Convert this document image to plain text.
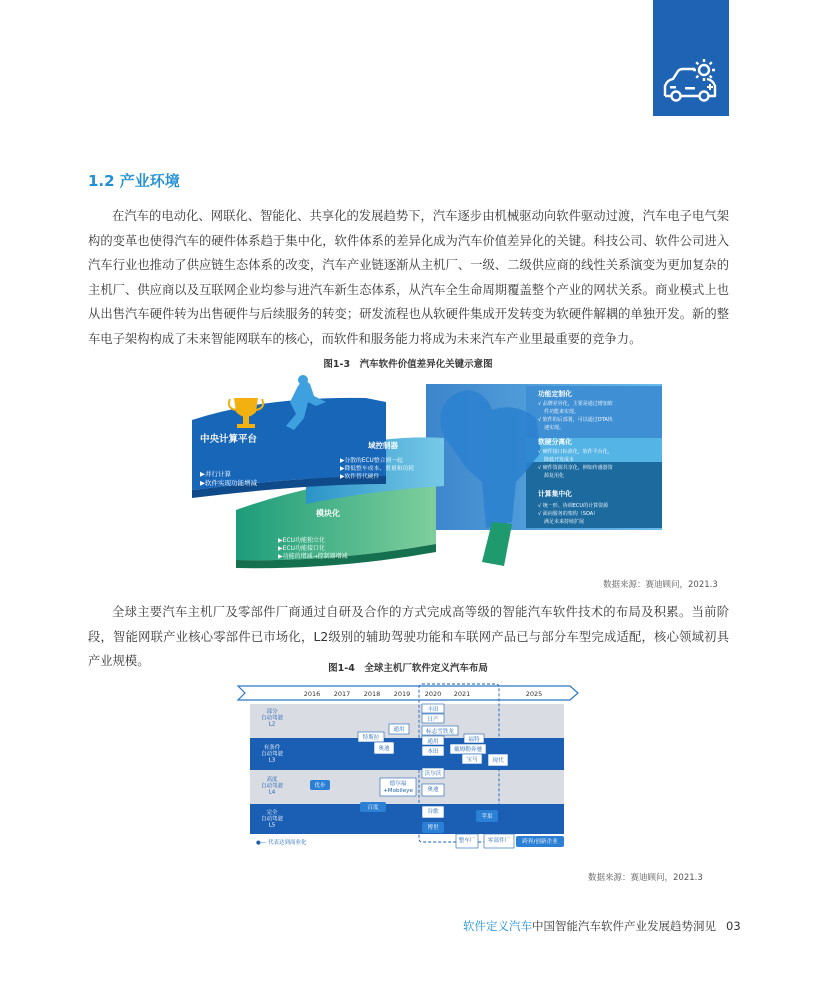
1.2 产业环境

在汽车的电动化、网联化、智能化、共享化的发展趋势下，汽车逐步由机械驱动向软件驱动过渡，汽车电子电气架构的变革也使得汽车的硬件体系趋于集中化，软件体系的差异化成为汽车价值差异化的关键。科技公司、软件公司进入汽车行业也推动了供应链生态体系的改变，汽车产业链逐渐从主机厂、一级、二级供应商的线性关系演变为更加复杂的主机厂、供应商以及互联网企业均参与进汽车新生态体系，从汽车全生命周期覆盖整个产业的网状关系。商业模式上也从出售汽车硬件转为出售硬件与后续服务的转变；研发流程也从软硬件集成开发转变为软硬件解耦的单独开发。新的整车电子架构构成了未来智能网联车的核心，而软件和服务能力将成为未来汽车产业里最重要的竞争力。

图1-3　汽车软件价值差异化关键示意图
中央计算平台
▶并行计算
▶软件实现功能增减
域控制器
▶分散的ECU整合到一起
▶降低整车成本、重量和功耗
▶软件替代硬件
模块化
▶ECU功能独立化
▶ECU功能接口化
▶功能的增减→控制器增减
功能定制化
√ 品牌差异化，主要是通过增加软
件功能来实现。
√ 软件的后部署，可以通过OTA快
速实现。
软硬分离化
√ 硬件接口标准化，软件平台化，
降低开发成本
√ 硬件资源共享化，例如传感器资
源复用化
计算集中化
√ 统一形、协调ECU的计算资源
√ 面向服务的架构（SOA）
满足未来持续扩展
数据来源：赛迪顾问，2021.3

全球主要汽车主机厂及零部件厂商通过自研及合作的方式完成高等级的智能汽车软件技术的布局及积累。当前阶段，智能网联产业核心零部件已市场化，L2级别的辅助驾驶功能和车联网产品已与部分车型完成适配，核心领域初具产业规模。

图1-4　全球主机厂软件定义汽车布局
2016 2017 2018 2019 2020 2021	2025
部分自动驾驶 L2
有条件自动驾驶 L3
高度自动驾驶 L4
完全自动驾驶 L5
特斯拉
通用
丰田
日产
标志雪铁龙
通用
本田
福特
戴姆勒奔驰
宝马	现代
奥迪
沃尔沃
优步	德尔福+Mobileye	奥迪
百度
谷歌
苹果
博世
整车厂 零部件厂 跨界/创新企业
●— 代表达到商业化
数据来源：赛迪顾问，2021.3
软件定义汽车中国智能汽车软件产业发展趋势洞见 03
